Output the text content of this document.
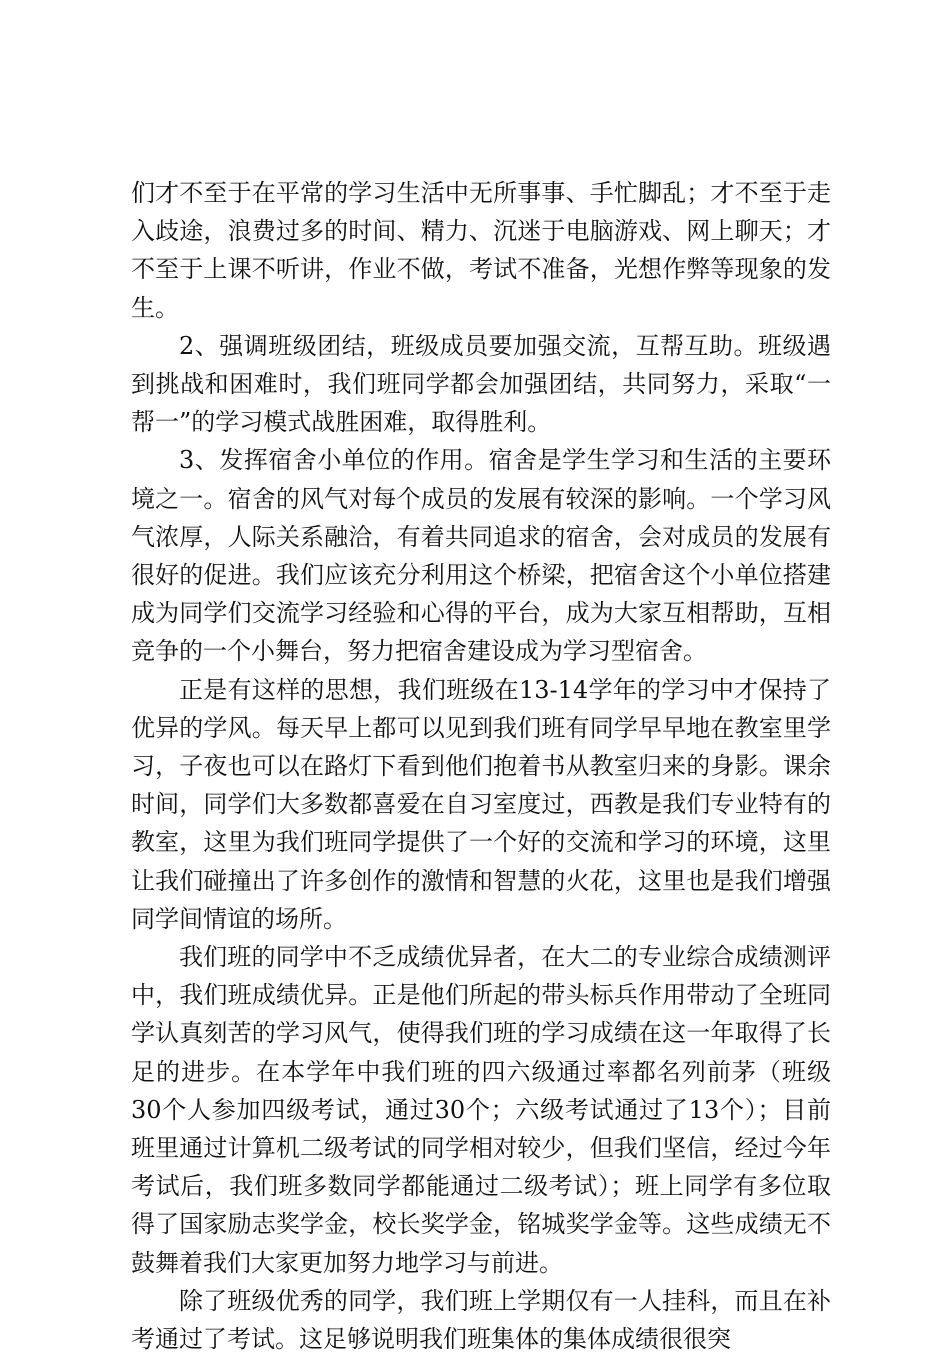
们才不至于在平常的学习生活中无所事事、手忙脚乱；才不至于走入歧途，浪费过多的时间、精力、沉迷于电脑游戏、网上聊天；才不至于上课不听讲，作业不做，考试不准备，光想作弊等现象的发生。

2、强调班级团结，班级成员要加强交流，互帮互助。班级遇到挑战和困难时，我们班同学都会加强团结，共同努力，采取“一帮一”的学习模式战胜困难，取得胜利。

3、发挥宿舍小单位的作用。宿舍是学生学习和生活的主要环境之一。宿舍的风气对每个成员的发展有较深的影响。一个学习风气浓厚，人际关系融洽，有着共同追求的宿舍，会对成员的发展有很好的促进。我们应该充分利用这个桥梁，把宿舍这个小单位搭建成为同学们交流学习经验和心得的平台，成为大家互相帮助，互相竞争的一个小舞台，努力把宿舍建设成为学习型宿舍。

正是有这样的思想，我们班级在13-14学年的学习中才保持了优异的学风。每天早上都可以见到我们班有同学早早地在教室里学习，子夜也可以在路灯下看到他们抱着书从教室归来的身影。课余时间，同学们大多数都喜爱在自习室度过，西教是我们专业特有的教室，这里为我们班同学提供了一个好的交流和学习的环境，这里让我们碰撞出了许多创作的激情和智慧的火花，这里也是我们增强同学间情谊的场所。

我们班的同学中不乏成绩优异者，在大二的专业综合成绩测评中，我们班成绩优异。正是他们所起的带头标兵作用带动了全班同学认真刻苦的学习风气，使得我们班的学习成绩在这一年取得了长足的进步。在本学年中我们班的四六级通过率都名列前茅（班级30个人参加四级考试，通过30个；六级考试通过了13个）；目前班里通过计算机二级考试的同学相对较少，但我们坚信，经过今年考试后，我们班多数同学都能通过二级考试）；班上同学有多位取得了国家励志奖学金，校长奖学金，铭城奖学金等。这些成绩无不鼓舞着我们大家更加努力地学习与前进。

除了班级优秀的同学，我们班上学期仅有一人挂科，而且在补考通过了考试。这足够说明我们班集体的集体成绩很很突
